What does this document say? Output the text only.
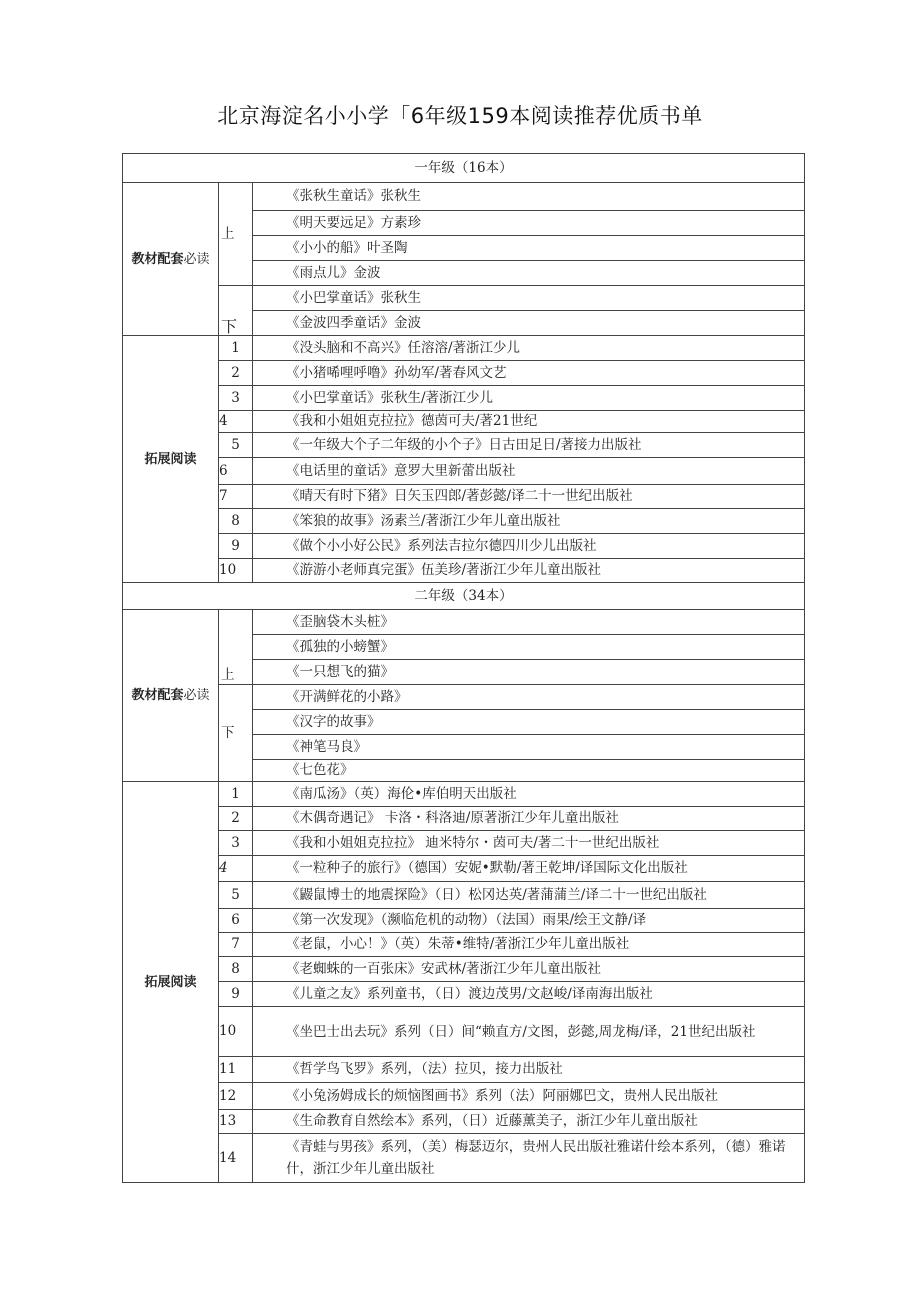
北京海淀名小小学「6年级159本阅读推荐优质书单
一年级（16本）		
教材配套必读	上	《张秋生童话》张秋生
		《明天要远足》方素珍
		《小小的船》叶圣陶
		《雨点儿》金波
	下	《小巴掌童话》张秋生
		《金波四季童话》金波
拓展阅读	1	《没头脑和不高兴》任溶溶/著浙江少儿
	2	《小猪唏哩呼噜》孙幼军/著春风文艺
	3	《小巴掌童话》张秋生/著浙江少儿
	4	《我和小姐姐克拉拉》德茵可夫/著21世纪
	5	《一年级大个子二年级的小个子》日古田足日/著接力出版社
	6	《电话里的童话》意罗大里新蕾出版社
	7	《晴天有时下猪》日矢玉四郎/著彭懿/译二十一世纪出版社
	8	《笨狼的故事》汤素兰/著浙江少年儿童出版社
	9	《做个小小好公民》系列法吉拉尔德四川少儿出版社
	10	《游游小老师真完蛋》伍美珍/著浙江少年儿童出版社
二年级（34本）		
教材配套必读	上	《歪脑袋木头桩》
		《孤独的小螃蟹》
		《一只想飞的猫》
	下	《开满鲜花的小路》
		《汉字的故事》
		《神笔马良》
		《七色花》
拓展阅读	1	《南瓜汤》（英）海伦•库伯明天出版社
	2	《木偶奇遇记》 卡洛・科洛迪/原著浙江少年儿童出版社
	3	《我和小姐姐克拉拉》 迪米特尔・茵可夫/著二十一世纪出版社
	4	《一粒种子的旅行》（德国）安妮•默勒/著王乾坤/译国际文化出版社
	5	《鼹鼠博士的地震探险》（日）松冈达英/著蒲蒲兰/译二十一世纪出版社
	6	《第一次发现》（濒临危机的动物）（法国）雨果/绘王文静/译
	7	《老鼠，小心！》（英）朱蒂•维特/著浙江少年儿童出版社
	8	《老蜘蛛的一百张床》安武林/著浙江少年儿童出版社
	9	《儿童之友》系列童书，（日）渡边茂男/文赵峻/译南海出版社
	10	《坐巴士出去玩》系列（日）间“赖直方/文图，彭懿,周龙梅/译，21世纪出版社
	11	《哲学鸟飞罗》系列，（法）拉贝，接力出版社
	12	《小兔汤姆成长的烦恼图画书》系列（法）阿丽娜巴文，贵州人民出版社
	13	《生命教育自然绘本》系列，（日）近藤薰美子，浙江少年儿童出版社
	14	《青蛙与男孩》系列，（美）梅瑟迈尔，贵州人民出版社雅诺什绘本系列，（德）雅诺什，浙江少年儿童出版社
